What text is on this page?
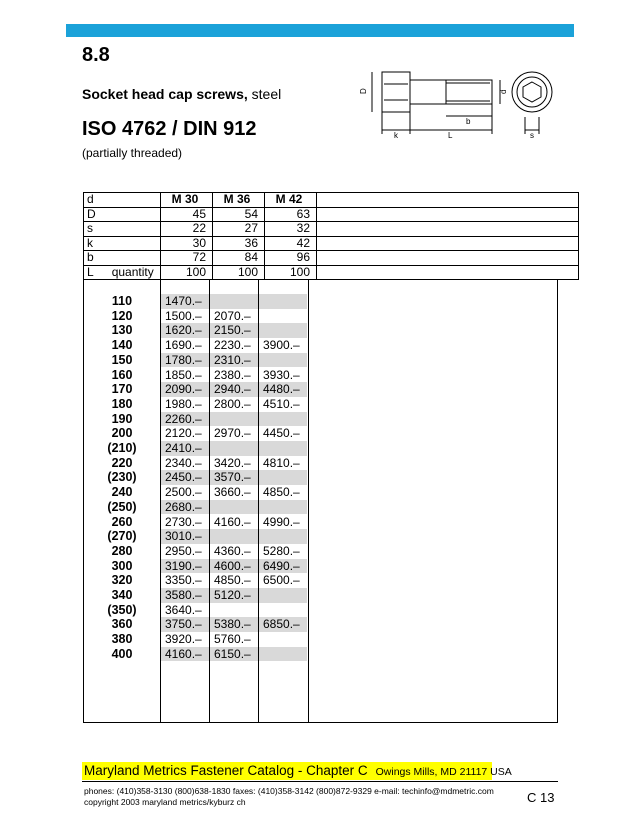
8.8
Socket head cap screws, steel
ISO 4762 / DIN 912
(partially threaded)
D	d
b
k	L	s
d	M 30	M 36	M 42	
D	45	54	63	
s	22	27	32	
k	30	36	42	
b	72	84	96	
L quantity	100	100	100	
110	1470.–
120	1500.–	2070.–
130	1620.–	2150.–
140	1690.–	2230.–	3900.–
150	1780.–	2310.–
160	1850.–	2380.–	3930.–
170	2090.–	2940.–	4480.–
180	1980.–	2800.–	4510.–
190	2260.–
200	2120.–	2970.–	4450.–
(210)	2410.–
220	2340.–	3420.–	4810.–
(230)	2450.–	3570.–
240	2500.–	3660.–	4850.–
(250)	2680.–
260	2730.–	4160.–	4990.–
(270)	3010.–
280	2950.–	4360.–	5280.–
300	3190.–	4600.–	6490.–
320	3350.–	4850.–	6500.–
340	3580.–	5120.–
(350)	3640.–
360	3750.–	5380.–	6850.–
380	3920.–	5760.–
400	4160.–	6150.–
Maryland Metrics Fastener Catalog - Chapter C Owings Mills, MD 21117 USA
phones: (410)358-3130 (800)638-1830 faxes: (410)358-3142 (800)872-9329 e-mail: techinfo@mdmetric.com
copyright 2003 maryland metrics/kyburz ch	C 13
